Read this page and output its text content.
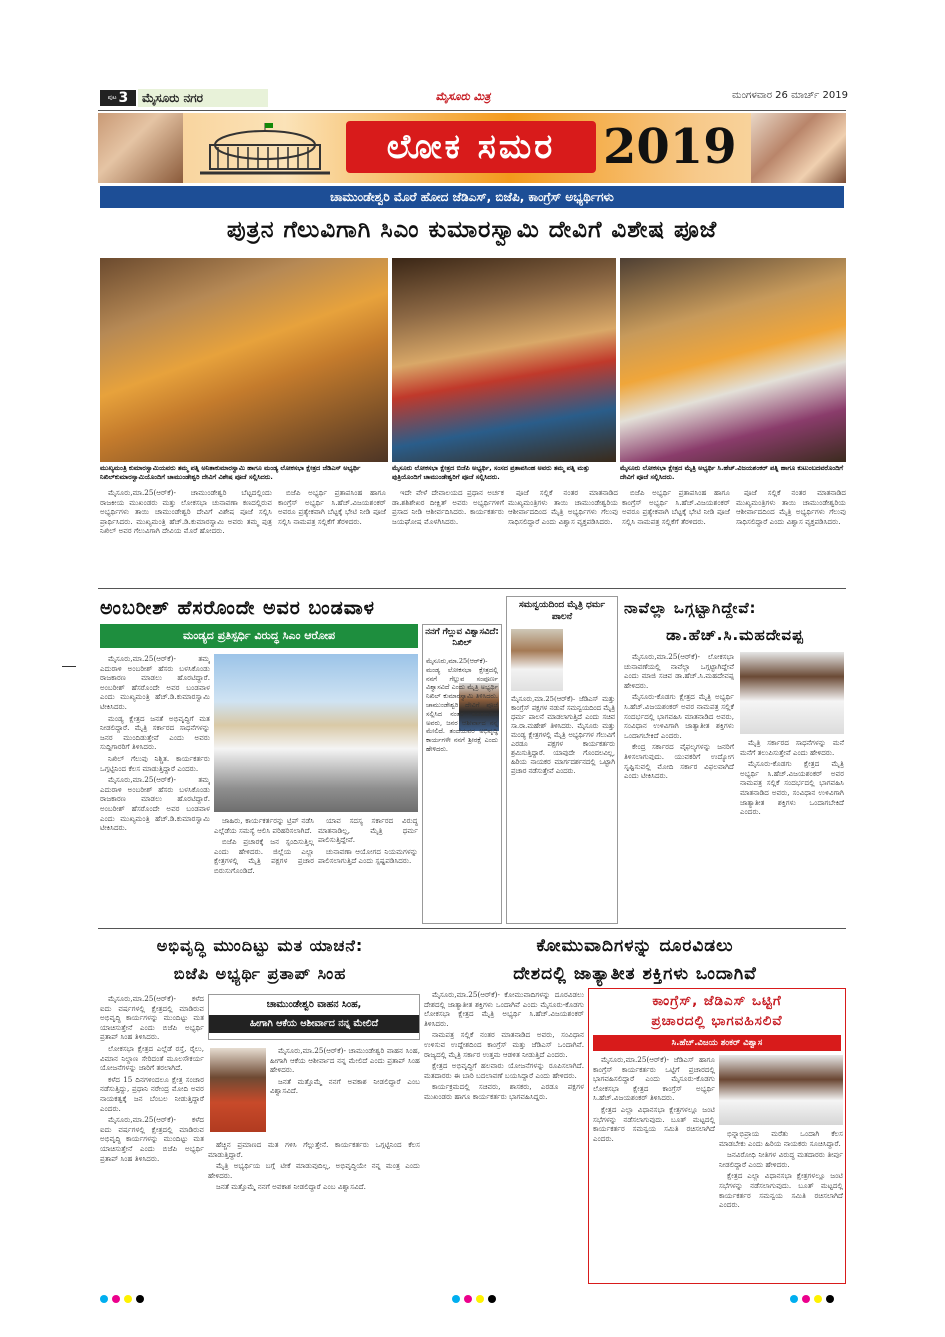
ಪುಟ 3	ಮೈಸೂರು ನಗರ	ಮೈಸೂರು ಮಿತ್ರ	ಮಂಗಳವಾರ 26 ಮಾರ್ಚ್ 2019
ಲೋಕ ಸಮರ 2019
ಚಾಮುಂಡೇಶ್ವರಿ ಮೊರೆ ಹೋದ ಜೆಡಿಎಸ್, ಬಿಜೆಪಿ, ಕಾಂಗ್ರೆಸ್ ಅಭ್ಯರ್ಥಿಗಳು
ಪುತ್ರನ ಗೆಲುವಿಗಾಗಿ ಸಿಎಂ ಕುಮಾರಸ್ವಾಮಿ ದೇವಿಗೆ ವಿಶೇಷ ಪೂಜೆ
ಮುಖ್ಯಮಂತ್ರಿ ಕುಮಾರಸ್ವಾಮಿಯವರು ತಮ್ಮ ಪತ್ನಿ ಅನಿತಾಕುಮಾರಸ್ವಾಮಿ ಹಾಗೂ ಮಂಡ್ಯ ಲೋಕಸಭಾ ಕ್ಷೇತ್ರದ ಜೆಡಿಎಸ್ ಅಭ್ಯರ್ಥಿ ನಿಖಿಲ್‌ಕುಮಾರಸ್ವಾಮಿಯೊಂದಿಗೆ ಚಾಮುಂಡೇಶ್ವರಿ ದೇವಿಗೆ ವಿಶೇಷ ಪೂಜೆ ಸಲ್ಲಿಸಿದರು.
ಮೈಸೂರು ಲೋಕಸಭಾ ಕ್ಷೇತ್ರದ ಬಿಜೆಪಿ ಅಭ್ಯರ್ಥಿ, ಸಂಸದ ಪ್ರತಾಪಸಿಂಹ ಅವರು ತಮ್ಮ ಪತ್ನಿ ಮತ್ತು ಪುತ್ರಿಯೊಂದಿಗೆ ಚಾಮುಂಡೇಶ್ವರಿಗೆ ಪೂಜೆ ಸಲ್ಲಿಸಿದರು.
ಮೈಸೂರು ಲೋಕಸಭಾ ಕ್ಷೇತ್ರದ ಮೈತ್ರಿ ಅಭ್ಯರ್ಥಿ ಸಿ.ಹೆಚ್.ವಿಜಯಶಂಕರ್ ಪತ್ನಿ ಹಾಗೂ ಕುಟುಂಬದವರೊಂದಿಗೆ ದೇವಿಗೆ ಪೂಜೆ ಸಲ್ಲಿಸಿದರು.

ಮೈಸೂರು,ಮಾ.25(ಆರ್‌ಕೆ)- ಚಾಮುಂಡೇಶ್ವರಿ ಬೆಟ್ಟದಲ್ಲಿಂದು ರಾಜಕೀಯ ಮುಖಂಡರು ಮತ್ತು ಲೋಕಸಭಾ ಚುನಾವಣಾ ಕಣದಲ್ಲಿರುವ ಅಭ್ಯರ್ಥಿಗಳು ತಾಯಿ ಚಾಮುಂಡೇಶ್ವರಿ ದೇವಿಗೆ ವಿಶೇಷ ಪೂಜೆ ಸಲ್ಲಿಸಿ ಪ್ರಾರ್ಥಿಸಿದರು. ಮುಖ್ಯಮಂತ್ರಿ ಹೆಚ್.ಡಿ.ಕುಮಾರಸ್ವಾಮಿ ಅವರು ತಮ್ಮ ಪುತ್ರ ನಿಖಿಲ್ ಅವರ ಗೆಲುವಿಗಾಗಿ ದೇವಿಯ ಮೊರೆ ಹೋದರು.

ಬಿಜೆಪಿ ಅಭ್ಯರ್ಥಿ ಪ್ರತಾಪಸಿಂಹ ಹಾಗೂ ಕಾಂಗ್ರೆಸ್ ಅಭ್ಯರ್ಥಿ ಸಿ.ಹೆಚ್.ವಿಜಯಶಂಕರ್ ಅವರೂ ಪ್ರತ್ಯೇಕವಾಗಿ ಬೆಟ್ಟಕ್ಕೆ ಭೇಟಿ ನೀಡಿ ಪೂಜೆ ಸಲ್ಲಿಸಿ ನಾಮಪತ್ರ ಸಲ್ಲಿಕೆಗೆ ತೆರಳಿದರು.

ಇದೇ ವೇಳೆ ದೇವಾಲಯದ ಪ್ರಧಾನ ಅರ್ಚಕ ಡಾ.ಶಶಿಶೇಖರ ದೀಕ್ಷಿತ್ ಅವರು ಅಭ್ಯರ್ಥಿಗಳಿಗೆ ಪ್ರಸಾದ ನೀಡಿ ಆಶೀರ್ವದಿಸಿದರು. ಕಾರ್ಯಕರ್ತರು ಜಯಘೋಷ ಮೊಳಗಿಸಿದರು.

ಪೂಜೆ ಸಲ್ಲಿಕೆ ನಂತರ ಮಾತನಾಡಿದ ಮುಖ್ಯಮಂತ್ರಿಗಳು ತಾಯಿ ಚಾಮುಂಡೇಶ್ವರಿಯ ಆಶೀರ್ವಾದದಿಂದ ಮೈತ್ರಿ ಅಭ್ಯರ್ಥಿಗಳು ಗೆಲುವು ಸಾಧಿಸಲಿದ್ದಾರೆ ಎಂದು ವಿಶ್ವಾಸ ವ್ಯಕ್ತಪಡಿಸಿದರು.

ಬಿಜೆಪಿ ಅಭ್ಯರ್ಥಿ ಪ್ರತಾಪಸಿಂಹ ಹಾಗೂ ಕಾಂಗ್ರೆಸ್ ಅಭ್ಯರ್ಥಿ ಸಿ.ಹೆಚ್.ವಿಜಯಶಂಕರ್ ಅವರೂ ಪ್ರತ್ಯೇಕವಾಗಿ ಬೆಟ್ಟಕ್ಕೆ ಭೇಟಿ ನೀಡಿ ಪೂಜೆ ಸಲ್ಲಿಸಿ ನಾಮಪತ್ರ ಸಲ್ಲಿಕೆಗೆ ತೆರಳಿದರು.

ಪೂಜೆ ಸಲ್ಲಿಕೆ ನಂತರ ಮಾತನಾಡಿದ ಮುಖ್ಯಮಂತ್ರಿಗಳು ತಾಯಿ ಚಾಮುಂಡೇಶ್ವರಿಯ ಆಶೀರ್ವಾದದಿಂದ ಮೈತ್ರಿ ಅಭ್ಯರ್ಥಿಗಳು ಗೆಲುವು ಸಾಧಿಸಲಿದ್ದಾರೆ ಎಂದು ವಿಶ್ವಾಸ ವ್ಯಕ್ತಪಡಿಸಿದರು.

ಅಂಬರೀಶ್ ಹೆಸರೊಂದೇ ಅವರ ಬಂಡವಾಳ
ಮಂಡ್ಯದ ಪ್ರತಿಸ್ಪರ್ಧಿ ವಿರುದ್ಧ ಸಿಎಂ ಆರೋಪ

ಮೈಸೂರು,ಮಾ.25(ಆರ್‌ಕೆ)- ತಮ್ಮ ಎದುರಾಳಿ ಅಂಬರೀಶ್ ಹೆಸರು ಬಳಸಿಕೊಂಡು ರಾಜಕಾರಣ ಮಾಡಲು ಹೊರಟಿದ್ದಾರೆ. ಅಂಬರೀಶ್ ಹೆಸರೊಂದೇ ಅವರ ಬಂಡವಾಳ ಎಂದು ಮುಖ್ಯಮಂತ್ರಿ ಹೆಚ್.ಡಿ.ಕುಮಾರಸ್ವಾಮಿ ಟೀಕಿಸಿದರು.

ಮಂಡ್ಯ ಕ್ಷೇತ್ರದ ಜನತೆ ಅಭಿವೃದ್ಧಿಗೆ ಮತ ನೀಡಲಿದ್ದಾರೆ. ಮೈತ್ರಿ ಸರ್ಕಾರದ ಸಾಧನೆಗಳನ್ನು ಜನರ ಮುಂದಿಡುತ್ತೇವೆ ಎಂದು ಅವರು ಸುದ್ದಿಗಾರರಿಗೆ ತಿಳಿಸಿದರು.

ನಿಖಿಲ್ ಗೆಲುವು ನಿಶ್ಚಿತ. ಕಾರ್ಯಕರ್ತರು ಒಗ್ಗಟ್ಟಿನಿಂದ ಕೆಲಸ ಮಾಡುತ್ತಿದ್ದಾರೆ ಎಂದರು.

ಮೈಸೂರು,ಮಾ.25(ಆರ್‌ಕೆ)- ತಮ್ಮ ಎದುರಾಳಿ ಅಂಬರೀಶ್ ಹೆಸರು ಬಳಸಿಕೊಂಡು ರಾಜಕಾರಣ ಮಾಡಲು ಹೊರಟಿದ್ದಾರೆ. ಅಂಬರೀಶ್ ಹೆಸರೊಂದೇ ಅವರ ಬಂಡವಾಳ ಎಂದು ಮುಖ್ಯಮಂತ್ರಿ ಹೆಚ್.ಡಿ.ಕುಮಾರಸ್ವಾಮಿ ಟೀಕಿಸಿದರು.

ಜಾಹಿರು, ಕಾರ್ಯಕರ್ತರನ್ನು ಟ್ರಿಪ್ ನಡೆಸಿ ಎಲ್ಲೆಡೆಯ ಸಮಸ್ಯೆ ಆಲಿಸಿ ಪರಿಹರಿಸಲಾಗಿದೆ.

ಬಿಜೆಪಿ ಪ್ರಚಾರಕ್ಕೆ ಜನ ಸ್ಪಂದಿಸುತ್ತಿಲ್ಲ ಎಂದು ಹೇಳಿದರು. ಜಿಲ್ಲೆಯ ಎಲ್ಲಾ ಕ್ಷೇತ್ರಗಳಲ್ಲಿ ಮೈತ್ರಿ ಪಕ್ಷಗಳ ಪ್ರಚಾರ ಬಿರುಸುಗೊಂಡಿದೆ.

ಯಾವ ಸದಸ್ಯ ಸರ್ಕಾರದ ವಿರುದ್ಧ ಮಾತನಾಡಿಲ್ಲ, ಮೈತ್ರಿ ಧರ್ಮ ಪಾಲಿಸುತ್ತಿದ್ದೇವೆ.

ಚುನಾವಣಾ ಆಯೋಗದ ನಿಯಮಗಳನ್ನು ಪಾಲಿಸಲಾಗುತ್ತಿದೆ ಎಂದು ಸ್ಪಷ್ಟಪಡಿಸಿದರು.

ನನಗೆ ಗೆಲ್ಲುವ ವಿಶ್ವಾಸವಿದೆ: ನಿಖಿಲ್
ಮೈಸೂರು,ಮಾ.25(ಆರ್‌ಕೆ)- ಮಂಡ್ಯ ಲೋಕಸಭಾ ಕ್ಷೇತ್ರದಲ್ಲಿ ನನಗೆ ಗೆಲ್ಲುವ ಸಂಪೂರ್ಣ ವಿಶ್ವಾಸವಿದೆ ಎಂದು ಮೈತ್ರಿ ಅಭ್ಯರ್ಥಿ ನಿಖಿಲ್ ಕುಮಾರಸ್ವಾಮಿ ತಿಳಿಸಿದರು. ಚಾಮುಂಡೇಶ್ವರಿ ದೇವಿಗೆ ಪೂಜೆ ಸಲ್ಲಿಸಿದ ನಂತರ ಮಾತನಾಡಿದ ಅವರು, ಜನರ ಆಶೀರ್ವಾದ ನನ್ನ ಮೇಲಿದೆ. ತಂದೆಯವರ ಅಭಿವೃದ್ಧಿ ಕಾರ್ಯಗಳೇ ನನಗೆ ಶ್ರೀರಕ್ಷೆ ಎಂದು ಹೇಳಿದರು.
ಸಮನ್ವಯದಿಂದ ಮೈತ್ರಿ ಧರ್ಮ ಪಾಲನೆ
ಮೈಸೂರು,ಮಾ.25(ಆರ್‌ಕೆ)- ಜೆಡಿಎಸ್ ಮತ್ತು ಕಾಂಗ್ರೆಸ್ ಪಕ್ಷಗಳ ನಡುವೆ ಸಮನ್ವಯದಿಂದ ಮೈತ್ರಿ ಧರ್ಮ ಪಾಲನೆ ಮಾಡಲಾಗುತ್ತಿದೆ ಎಂದು ಸಚಿವ ಸಾ.ರಾ.ಮಹೇಶ್ ತಿಳಿಸಿದರು. ಮೈಸೂರು ಮತ್ತು ಮಂಡ್ಯ ಕ್ಷೇತ್ರಗಳಲ್ಲಿ ಮೈತ್ರಿ ಅಭ್ಯರ್ಥಿಗಳ ಗೆಲುವಿಗೆ ಎರಡೂ ಪಕ್ಷಗಳ ಕಾರ್ಯಕರ್ತರು ಶ್ರಮಿಸುತ್ತಿದ್ದಾರೆ. ಯಾವುದೇ ಗೊಂದಲವಿಲ್ಲ, ಹಿರಿಯ ನಾಯಕರ ಮಾರ್ಗದರ್ಶನದಲ್ಲಿ ಒಟ್ಟಾಗಿ ಪ್ರಚಾರ ನಡೆಸುತ್ತೇವೆ ಎಂದರು.
ನಾವೆಲ್ಲಾ ಒಗ್ಗಟ್ಟಾಗಿದ್ದೇವೆ:
ಡಾ.ಹೆಚ್.ಸಿ.ಮಹದೇವಪ್ಪ

ಮೈಸೂರು,ಮಾ.25(ಆರ್‌ಕೆ)- ಲೋಕಸಭಾ ಚುನಾವಣೆಯಲ್ಲಿ ನಾವೆಲ್ಲಾ ಒಗ್ಗಟ್ಟಾಗಿದ್ದೇವೆ ಎಂದು ಮಾಜಿ ಸಚಿವ ಡಾ.ಹೆಚ್.ಸಿ.ಮಹದೇವಪ್ಪ ಹೇಳಿದರು.

ಮೈಸೂರು-ಕೊಡಗು ಕ್ಷೇತ್ರದ ಮೈತ್ರಿ ಅಭ್ಯರ್ಥಿ ಸಿ.ಹೆಚ್.ವಿಜಯಶಂಕರ್ ಅವರ ನಾಮಪತ್ರ ಸಲ್ಲಿಕೆ ಸಂದರ್ಭದಲ್ಲಿ ಭಾಗವಹಿಸಿ ಮಾತನಾಡಿದ ಅವರು, ಸಂವಿಧಾನ ಉಳಿವಿಗಾಗಿ ಜಾತ್ಯಾತೀತ ಶಕ್ತಿಗಳು ಒಂದಾಗಬೇಕಿದೆ ಎಂದರು.

ಕೇಂದ್ರ ಸರ್ಕಾರದ ವೈಫಲ್ಯಗಳನ್ನು ಜನರಿಗೆ ತಿಳಿಸಲಾಗುವುದು. ಯುವಕರಿಗೆ ಉದ್ಯೋಗ ಸೃಷ್ಟಿಸುವಲ್ಲಿ ಮೋದಿ ಸರ್ಕಾರ ವಿಫಲವಾಗಿದೆ ಎಂದು ಟೀಕಿಸಿದರು.

ಮೈತ್ರಿ ಸರ್ಕಾರದ ಸಾಧನೆಗಳನ್ನು ಮನೆ ಮನೆಗೆ ತಲುಪಿಸುತ್ತೇವೆ ಎಂದು ಹೇಳಿದರು.

ಮೈಸೂರು-ಕೊಡಗು ಕ್ಷೇತ್ರದ ಮೈತ್ರಿ ಅಭ್ಯರ್ಥಿ ಸಿ.ಹೆಚ್.ವಿಜಯಶಂಕರ್ ಅವರ ನಾಮಪತ್ರ ಸಲ್ಲಿಕೆ ಸಂದರ್ಭದಲ್ಲಿ ಭಾಗವಹಿಸಿ ಮಾತನಾಡಿದ ಅವರು, ಸಂವಿಧಾನ ಉಳಿವಿಗಾಗಿ ಜಾತ್ಯಾತೀತ ಶಕ್ತಿಗಳು ಒಂದಾಗಬೇಕಿದೆ ಎಂದರು.

ಅಭಿವೃದ್ಧಿ ಮುಂದಿಟ್ಟು ಮತ ಯಾಚನೆ:
ಬಿಜೆಪಿ ಅಭ್ಯರ್ಥಿ ಪ್ರತಾಪ್ ಸಿಂಹ

ಮೈಸೂರು,ಮಾ.25(ಆರ್‌ಕೆ)- ಕಳೆದ ಐದು ವರ್ಷಗಳಲ್ಲಿ ಕ್ಷೇತ್ರದಲ್ಲಿ ಮಾಡಿರುವ ಅಭಿವೃದ್ಧಿ ಕಾರ್ಯಗಳನ್ನು ಮುಂದಿಟ್ಟು ಮತ ಯಾಚಿಸುತ್ತೇನೆ ಎಂದು ಬಿಜೆಪಿ ಅಭ್ಯರ್ಥಿ ಪ್ರತಾಪ್ ಸಿಂಹ ತಿಳಿಸಿದರು.

ಲೋಕಸಭಾ ಕ್ಷೇತ್ರದ ಎಲ್ಲೆಡೆ ರಸ್ತೆ, ರೈಲು, ವಿಮಾನ ನಿಲ್ದಾಣ ಸೇರಿದಂತೆ ಮೂಲಸೌಕರ್ಯ ಯೋಜನೆಗಳನ್ನು ಜಾರಿಗೆ ತರಲಾಗಿದೆ.

ಕಳೆದ 15 ದಿನಗಳಿಂದಲೂ ಕ್ಷೇತ್ರ ಸಂಚಾರ ನಡೆಸುತ್ತಿದ್ದು, ಪ್ರಧಾನಿ ನರೇಂದ್ರ ಮೋದಿ ಅವರ ನಾಯಕತ್ವಕ್ಕೆ ಜನ ಬೆಂಬಲ ನೀಡುತ್ತಿದ್ದಾರೆ ಎಂದರು.

ಮೈಸೂರು,ಮಾ.25(ಆರ್‌ಕೆ)- ಕಳೆದ ಐದು ವರ್ಷಗಳಲ್ಲಿ ಕ್ಷೇತ್ರದಲ್ಲಿ ಮಾಡಿರುವ ಅಭಿವೃದ್ಧಿ ಕಾರ್ಯಗಳನ್ನು ಮುಂದಿಟ್ಟು ಮತ ಯಾಚಿಸುತ್ತೇನೆ ಎಂದು ಬಿಜೆಪಿ ಅಭ್ಯರ್ಥಿ ಪ್ರತಾಪ್ ಸಿಂಹ ತಿಳಿಸಿದರು.

ಚಾಮುಂಡೇಶ್ವರಿ ವಾಹನ ಸಿಂಹ,
ಹೀಗಾಗಿ ಆಕೆಯ ಆಶೀರ್ವಾದ ನನ್ನ ಮೇಲಿದೆ

ಮೈಸೂರು,ಮಾ.25(ಆರ್‌ಕೆ)- ಚಾಮುಂಡೇಶ್ವರಿ ವಾಹನ ಸಿಂಹ, ಹೀಗಾಗಿ ಆಕೆಯ ಆಶೀರ್ವಾದ ನನ್ನ ಮೇಲಿದೆ ಎಂದು ಪ್ರತಾಪ್ ಸಿಂಹ ಹೇಳಿದರು.

ಜನತೆ ಮತ್ತೊಮ್ಮೆ ನನಗೆ ಅವಕಾಶ ನೀಡಲಿದ್ದಾರೆ ಎಂಬ ವಿಶ್ವಾಸವಿದೆ.

ಹೆಚ್ಚಿನ ಪ್ರಮಾಣದ ಮತ ಗಳಿಸಿ ಗೆಲ್ಲುತ್ತೇನೆ. ಕಾರ್ಯಕರ್ತರು ಒಗ್ಗಟ್ಟಿನಿಂದ ಕೆಲಸ ಮಾಡುತ್ತಿದ್ದಾರೆ.

ಮೈತ್ರಿ ಅಭ್ಯರ್ಥಿಯ ಬಗ್ಗೆ ಟೀಕೆ ಮಾಡುವುದಿಲ್ಲ, ಅಭಿವೃದ್ಧಿಯೇ ನನ್ನ ಮಂತ್ರ ಎಂದು ಹೇಳಿದರು.

ಜನತೆ ಮತ್ತೊಮ್ಮೆ ನನಗೆ ಅವಕಾಶ ನೀಡಲಿದ್ದಾರೆ ಎಂಬ ವಿಶ್ವಾಸವಿದೆ.

ಕೋಮುವಾದಿಗಳನ್ನು ದೂರವಿಡಲು
ದೇಶದಲ್ಲಿ ಜಾತ್ಯಾತೀತ ಶಕ್ತಿಗಳು ಒಂದಾಗಿವೆ

ಮೈಸೂರು,ಮಾ.25(ಆರ್‌ಕೆ)- ಕೋಮುವಾದಿಗಳನ್ನು ದೂರವಿಡಲು ದೇಶದಲ್ಲಿ ಜಾತ್ಯಾತೀತ ಶಕ್ತಿಗಳು ಒಂದಾಗಿವೆ ಎಂದು ಮೈಸೂರು-ಕೊಡಗು ಲೋಕಸಭಾ ಕ್ಷೇತ್ರದ ಮೈತ್ರಿ ಅಭ್ಯರ್ಥಿ ಸಿ.ಹೆಚ್.ವಿಜಯಶಂಕರ್ ತಿಳಿಸಿದರು.

ನಾಮಪತ್ರ ಸಲ್ಲಿಕೆ ನಂತರ ಮಾತನಾಡಿದ ಅವರು, ಸಂವಿಧಾನ ಉಳಿಸುವ ಉದ್ದೇಶದಿಂದ ಕಾಂಗ್ರೆಸ್ ಮತ್ತು ಜೆಡಿಎಸ್ ಒಂದಾಗಿವೆ. ರಾಜ್ಯದಲ್ಲಿ ಮೈತ್ರಿ ಸರ್ಕಾರ ಉತ್ತಮ ಆಡಳಿತ ನೀಡುತ್ತಿದೆ ಎಂದರು.

ಕ್ಷೇತ್ರದ ಅಭಿವೃದ್ಧಿಗೆ ಹಲವಾರು ಯೋಜನೆಗಳನ್ನು ರೂಪಿಸಲಾಗಿದೆ. ಮತದಾರರು ಈ ಬಾರಿ ಬದಲಾವಣೆ ಬಯಸಿದ್ದಾರೆ ಎಂದು ಹೇಳಿದರು.

ಕಾರ್ಯಕ್ರಮದಲ್ಲಿ ಸಚಿವರು, ಶಾಸಕರು, ಎರಡೂ ಪಕ್ಷಗಳ ಮುಖಂಡರು ಹಾಗೂ ಕಾರ್ಯಕರ್ತರು ಭಾಗವಹಿಸಿದ್ದರು.

ಕಾಂಗ್ರೆಸ್, ಜೆಡಿಎಸ್ ಒಟ್ಟಿಗೆ
ಪ್ರಚಾರದಲ್ಲಿ ಭಾಗವಹಿಸಲಿವೆ
ಸಿ.ಹೆಚ್.ವಿಜಯ ಶಂಕರ್ ವಿಶ್ವಾಸ

ಮೈಸೂರು,ಮಾ.25(ಆರ್‌ಕೆ)- ಜೆಡಿಎಸ್ ಹಾಗೂ ಕಾಂಗ್ರೆಸ್ ಕಾರ್ಯಕರ್ತರು ಒಟ್ಟಿಗೆ ಪ್ರಚಾರದಲ್ಲಿ ಭಾಗವಹಿಸಲಿದ್ದಾರೆ ಎಂದು ಮೈಸೂರು-ಕೊಡಗು ಲೋಕಸಭಾ ಕ್ಷೇತ್ರದ ಕಾಂಗ್ರೆಸ್ ಅಭ್ಯರ್ಥಿ ಸಿ.ಹೆಚ್.ವಿಜಯಶಂಕರ್ ತಿಳಿಸಿದರು.

ಕ್ಷೇತ್ರದ ಎಲ್ಲಾ ವಿಧಾನಸಭಾ ಕ್ಷೇತ್ರಗಳಲ್ಲೂ ಜಂಟಿ ಸಭೆಗಳನ್ನು ನಡೆಸಲಾಗುವುದು. ಬೂತ್ ಮಟ್ಟದಲ್ಲಿ ಕಾರ್ಯಕರ್ತರ ಸಮನ್ವಯ ಸಮಿತಿ ರಚಿಸಲಾಗಿದೆ ಎಂದರು.

ಭಿನ್ನಾಭಿಪ್ರಾಯ ಮರೆತು ಒಂದಾಗಿ ಕೆಲಸ ಮಾಡಬೇಕು ಎಂದು ಹಿರಿಯ ನಾಯಕರು ಸೂಚಿಸಿದ್ದಾರೆ.

ಜನವಿರೋಧಿ ನೀತಿಗಳ ವಿರುದ್ಧ ಮತದಾರರು ತೀರ್ಪು ನೀಡಲಿದ್ದಾರೆ ಎಂದು ಹೇಳಿದರು.

ಕ್ಷೇತ್ರದ ಎಲ್ಲಾ ವಿಧಾನಸಭಾ ಕ್ಷೇತ್ರಗಳಲ್ಲೂ ಜಂಟಿ ಸಭೆಗಳನ್ನು ನಡೆಸಲಾಗುವುದು. ಬೂತ್ ಮಟ್ಟದಲ್ಲಿ ಕಾರ್ಯಕರ್ತರ ಸಮನ್ವಯ ಸಮಿತಿ ರಚಿಸಲಾಗಿದೆ ಎಂದರು.
